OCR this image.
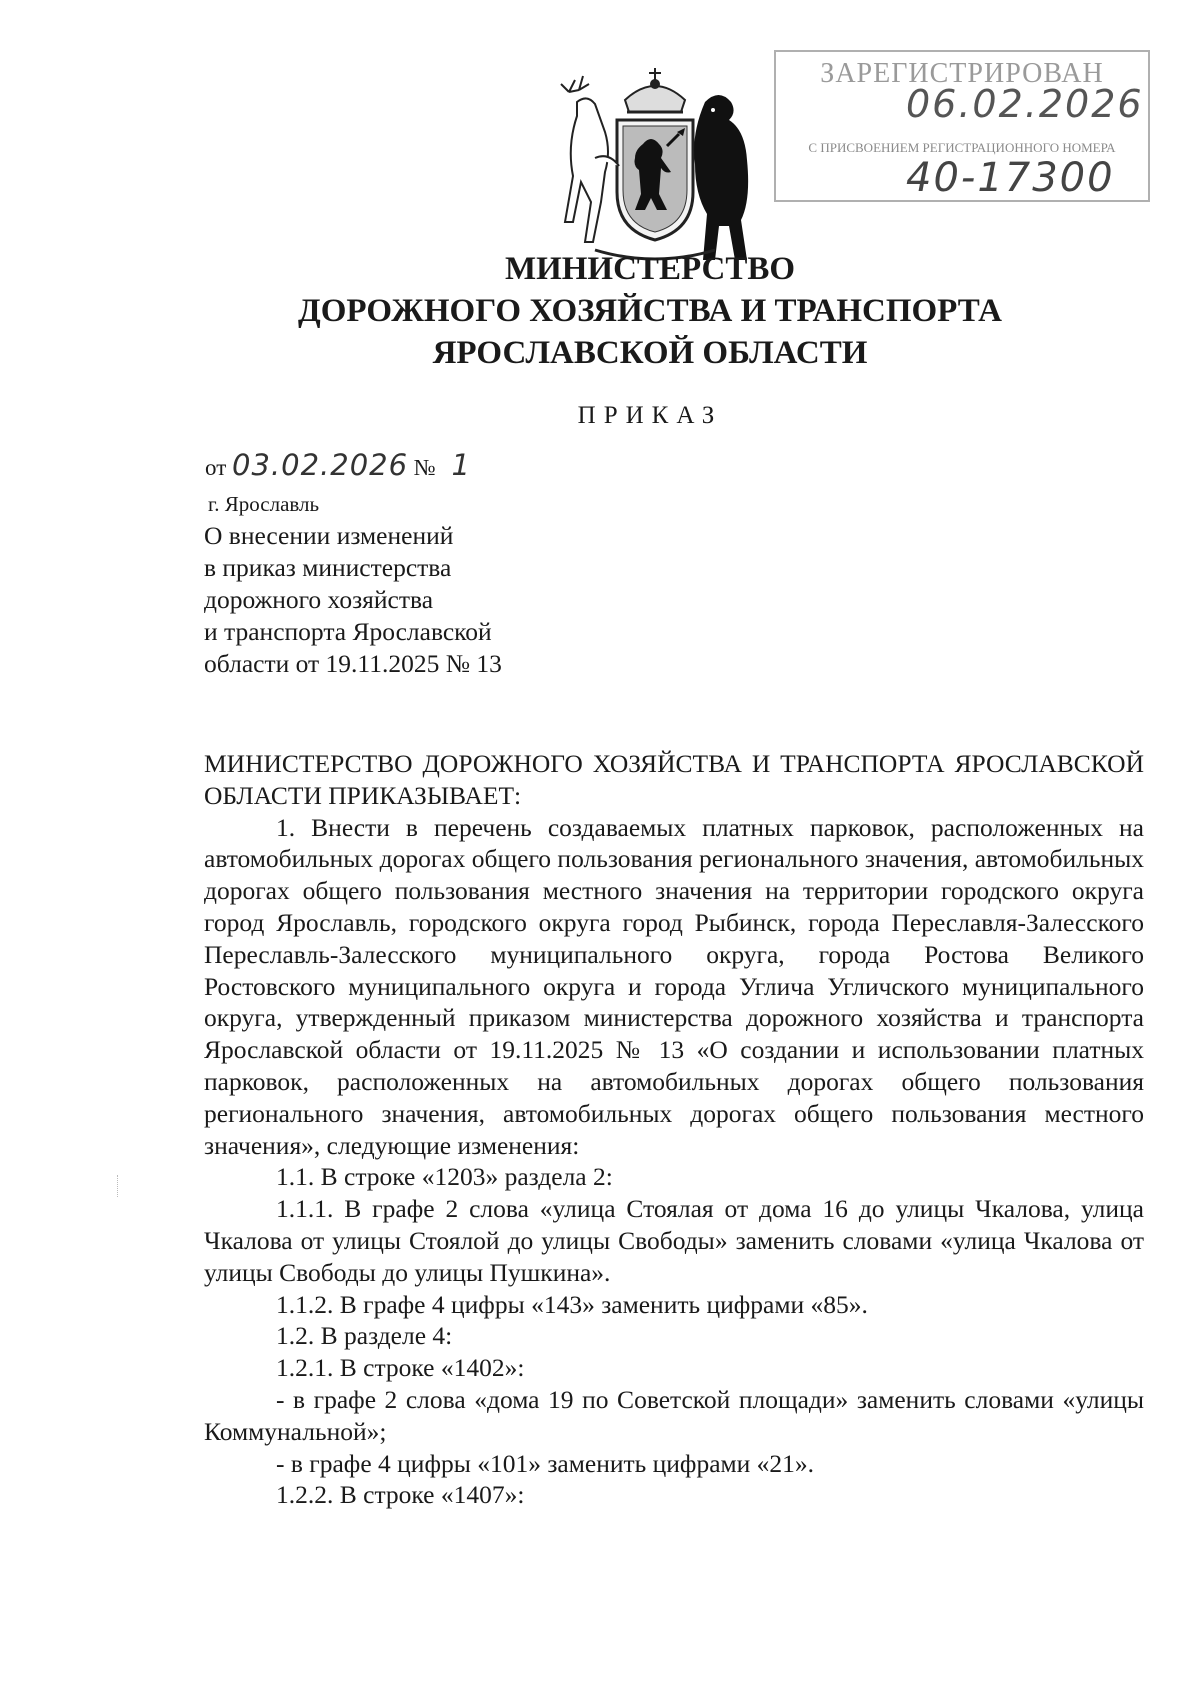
ЗАРЕГИСТРИРОВАН
06.02.2026
С ПРИСВОЕНИЕМ РЕГИСТРАЦИОННОГО НОМЕРА
40-17300
МИНИСТЕРСТВО
ДОРОЖНОГО ХОЗЯЙСТВА И ТРАНСПОРТА
ЯРОСЛАВСКОЙ ОБЛАСТИ
ПРИКАЗ
от 03.02.2026 № 1
г. Ярославль
О внесении изменений
в приказ министерства
дорожного хозяйства
и транспорта Ярославской
области от 19.11.2025 № 13

МИНИСТЕРСТВО ДОРОЖНОГО ХОЗЯЙСТВА И ТРАНСПОРТА ЯРОСЛАВСКОЙ ОБЛАСТИ ПРИКАЗЫВАЕТ:

1. Внести в перечень создаваемых платных парковок, расположенных на автомобильных дорогах общего пользования регионального значения, автомобильных дорогах общего пользования местного значения на территории городского округа город Ярославль, городского округа город Рыбинск, города Переславля-Залесского Переславль-Залесского муниципального округа, города Ростова Великого Ростовского муниципального округа и города Углича Угличского муниципального округа, утвержденный приказом министерства дорожного хозяйства и транспорта Ярославской области от 19.11.2025 № 13 «О создании и использовании платных парковок, расположенных на автомобильных дорогах общего пользования регионального значения, автомобильных дорогах общего пользования местного значения», следующие изменения:

1.1. В строке «1203» раздела 2:

1.1.1. В графе 2 слова «улица Стоялая от дома 16 до улицы Чкалова, улица Чкалова от улицы Стоялой до улицы Свободы» заменить словами «улица Чкалова от улицы Свободы до улицы Пушкина».

1.1.2. В графе 4 цифры «143» заменить цифрами «85».

1.2. В разделе 4:

1.2.1. В строке «1402»:

- в графе 2 слова «дома 19 по Советской площади» заменить словами «улицы Коммунальной»;

- в графе 4 цифры «101» заменить цифрами «21».

1.2.2. В строке «1407»:
